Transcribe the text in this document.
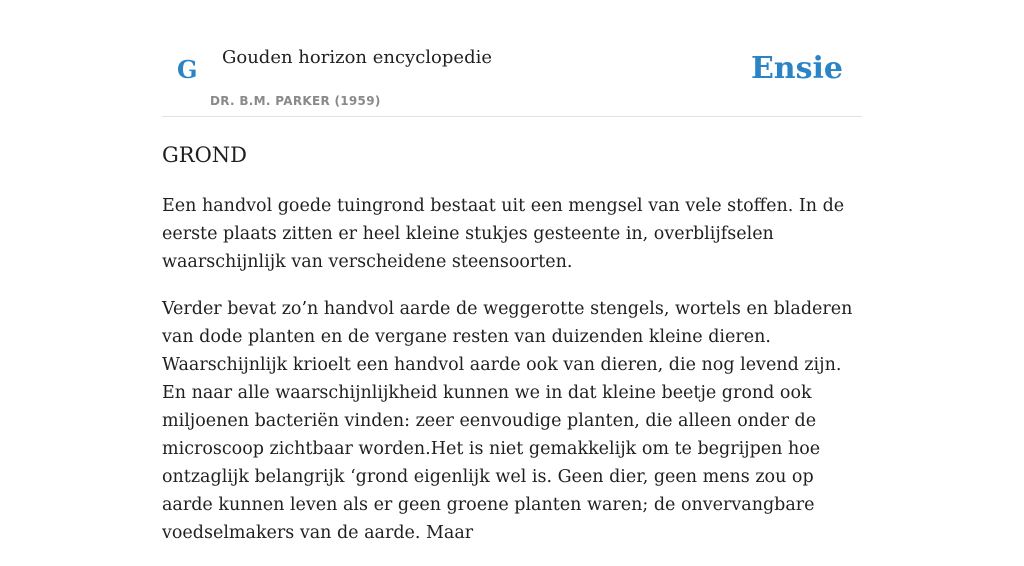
G Gouden horizon encyclopedie
DR. B.M. PARKER (1959)
Ensie
GROND

Een handvol goede tuingrond bestaat uit een mengsel van vele stoffen. In de eerste plaats zitten er heel kleine stukjes gesteente in, overblijfselen waarschijnlijk van verscheidene steensoorten.

Verder bevat zo’n handvol aarde de weggerotte stengels, wortels en bladeren van dode planten en de vergane resten van duizenden kleine dieren. Waarschijnlijk krioelt een handvol aarde ook van dieren, die nog levend zijn. En naar alle waarschijnlijkheid kunnen we in dat kleine beetje grond ook miljoenen bacteriën vinden: zeer eenvoudige planten, die alleen onder de microscoop zichtbaar worden.Het is niet gemakkelijk om te begrijpen hoe ontzaglijk belangrijk ‘grond eigenlijk wel is. Geen dier, geen mens zou op aarde kunnen leven als er geen groene planten waren; de onvervangbare voedselmakers van de aarde. Maar
